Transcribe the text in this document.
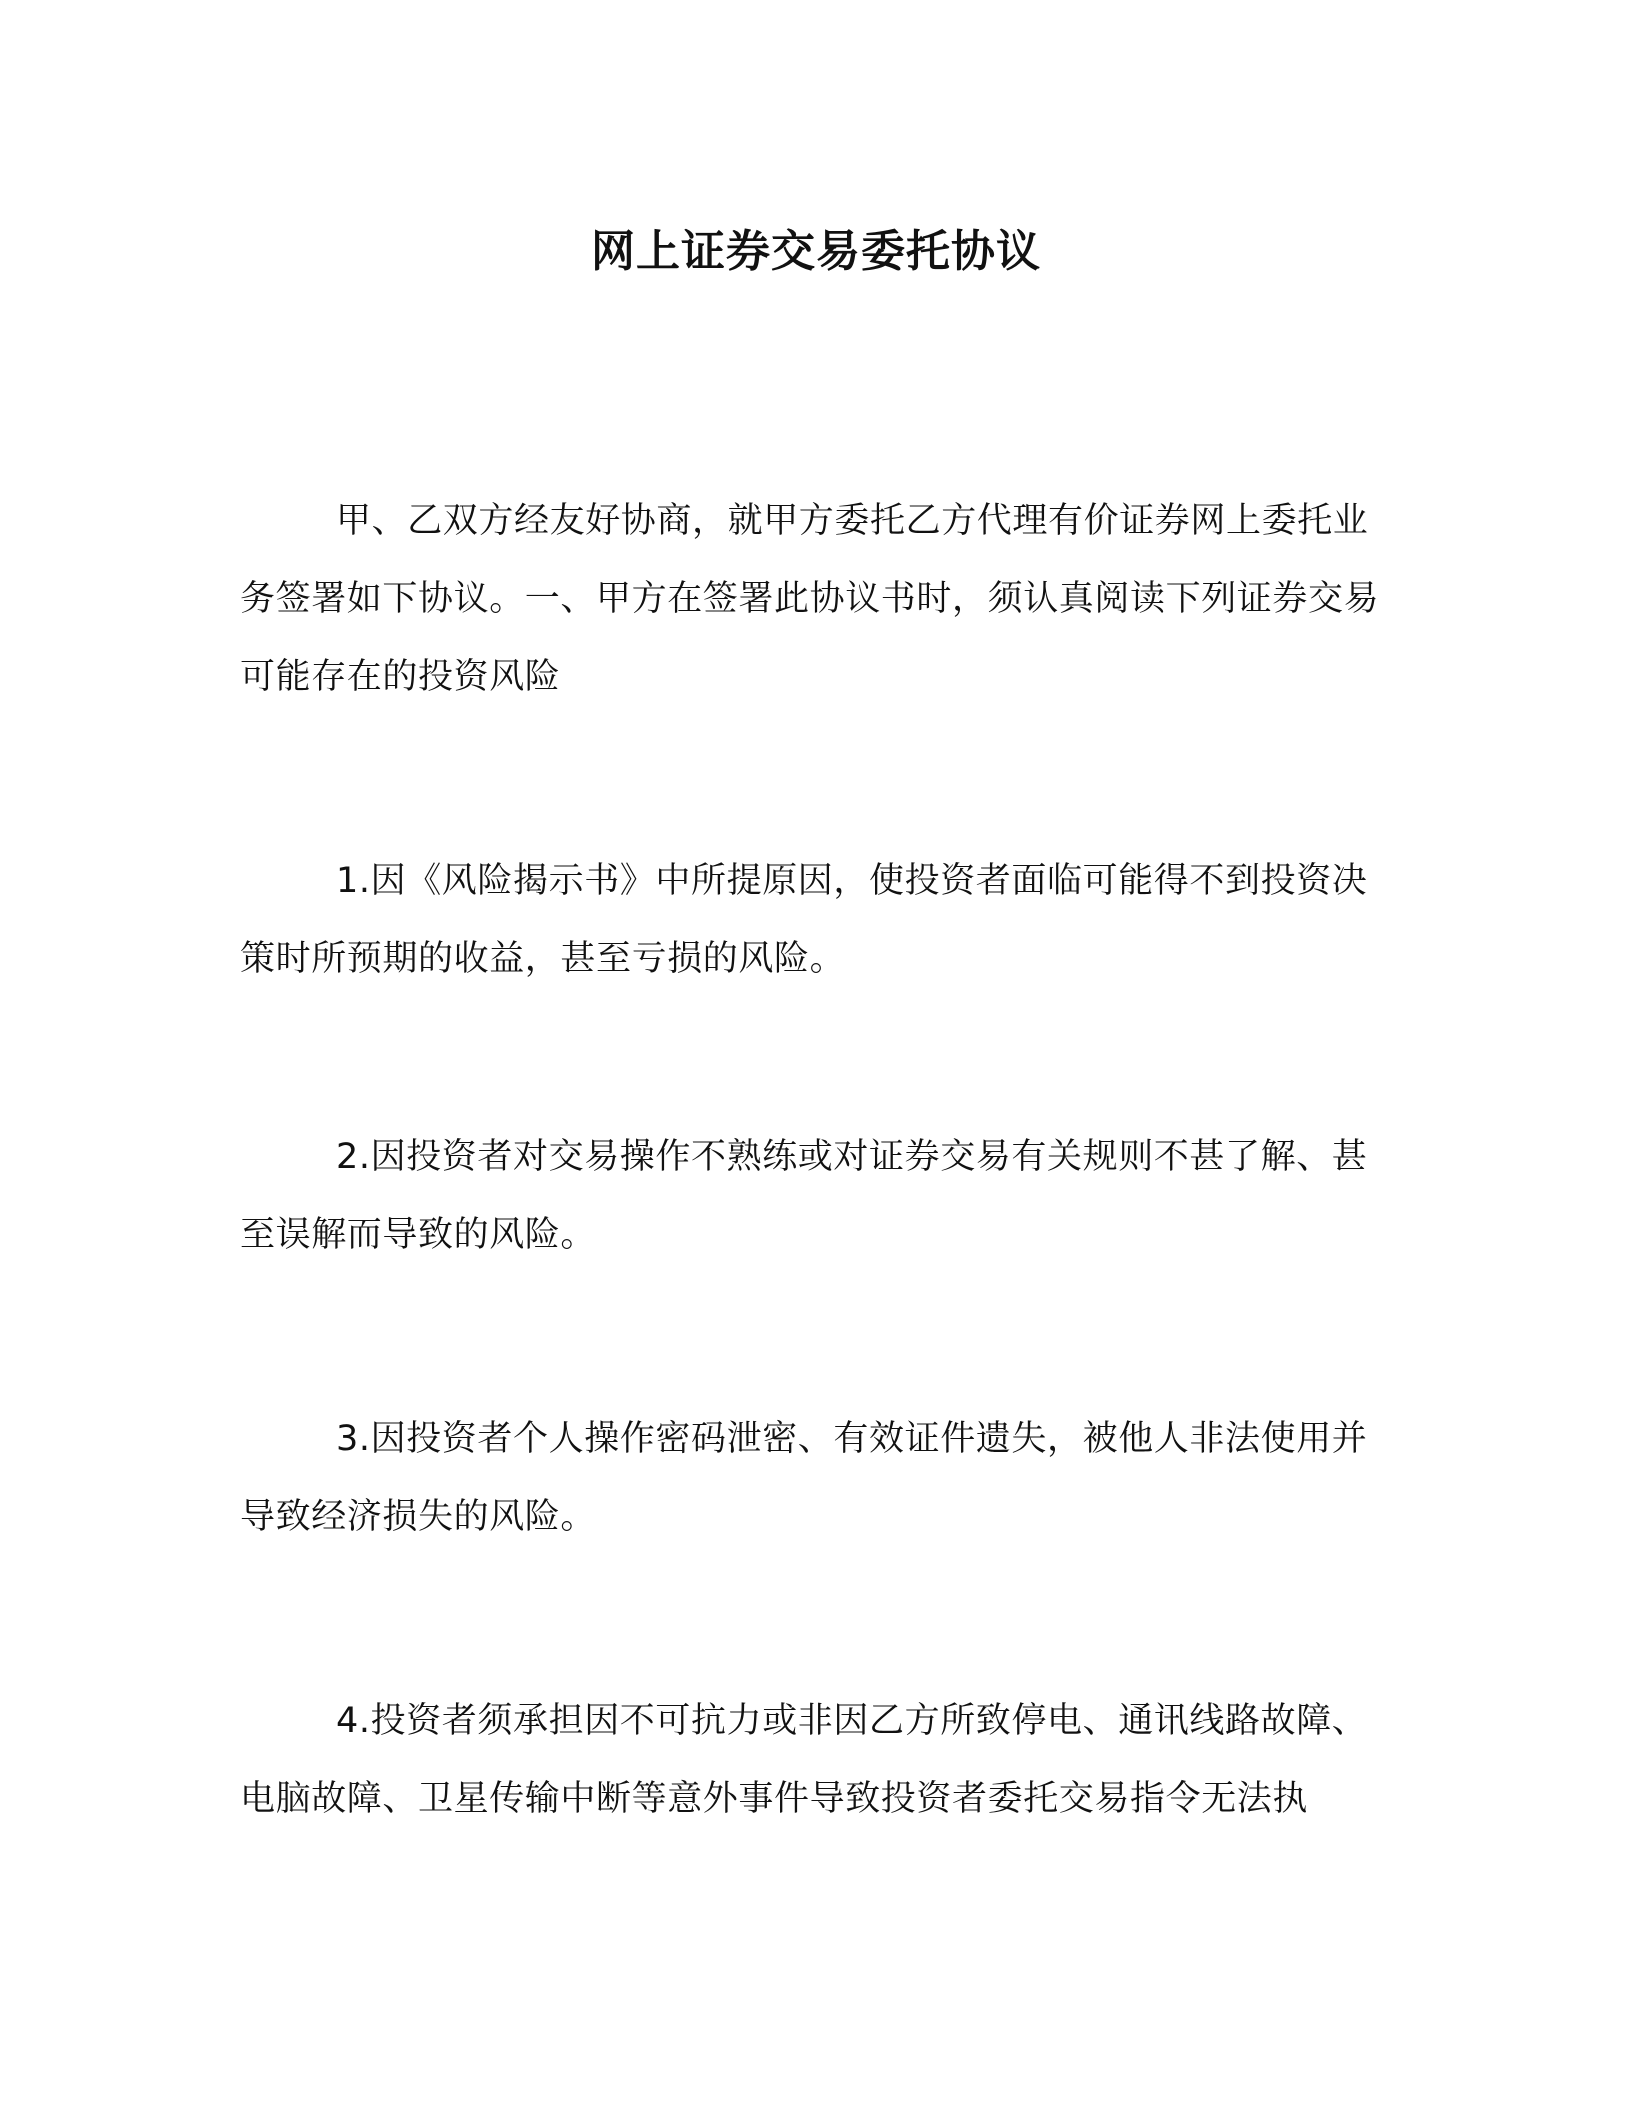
网上证券交易委托协议

甲、乙双方经友好协商，就甲方委托乙方代理有价证券网上委托业务签署如下协议。一、甲方在签署此协议书时，须认真阅读下列证券交易可能存在的投资风险

1.因《风险揭示书》中所提原因，使投资者面临可能得不到投资决策时所预期的收益，甚至亏损的风险。

2.因投资者对交易操作不熟练或对证券交易有关规则不甚了解、甚至误解而导致的风险。

3.因投资者个人操作密码泄密、有效证件遗失，被他人非法使用并导致经济损失的风险。

4.投资者须承担因不可抗力或非因乙方所致停电、通讯线路故障、电脑故障、卫星传输中断等意外事件导致投资者委托交易指令无法执
